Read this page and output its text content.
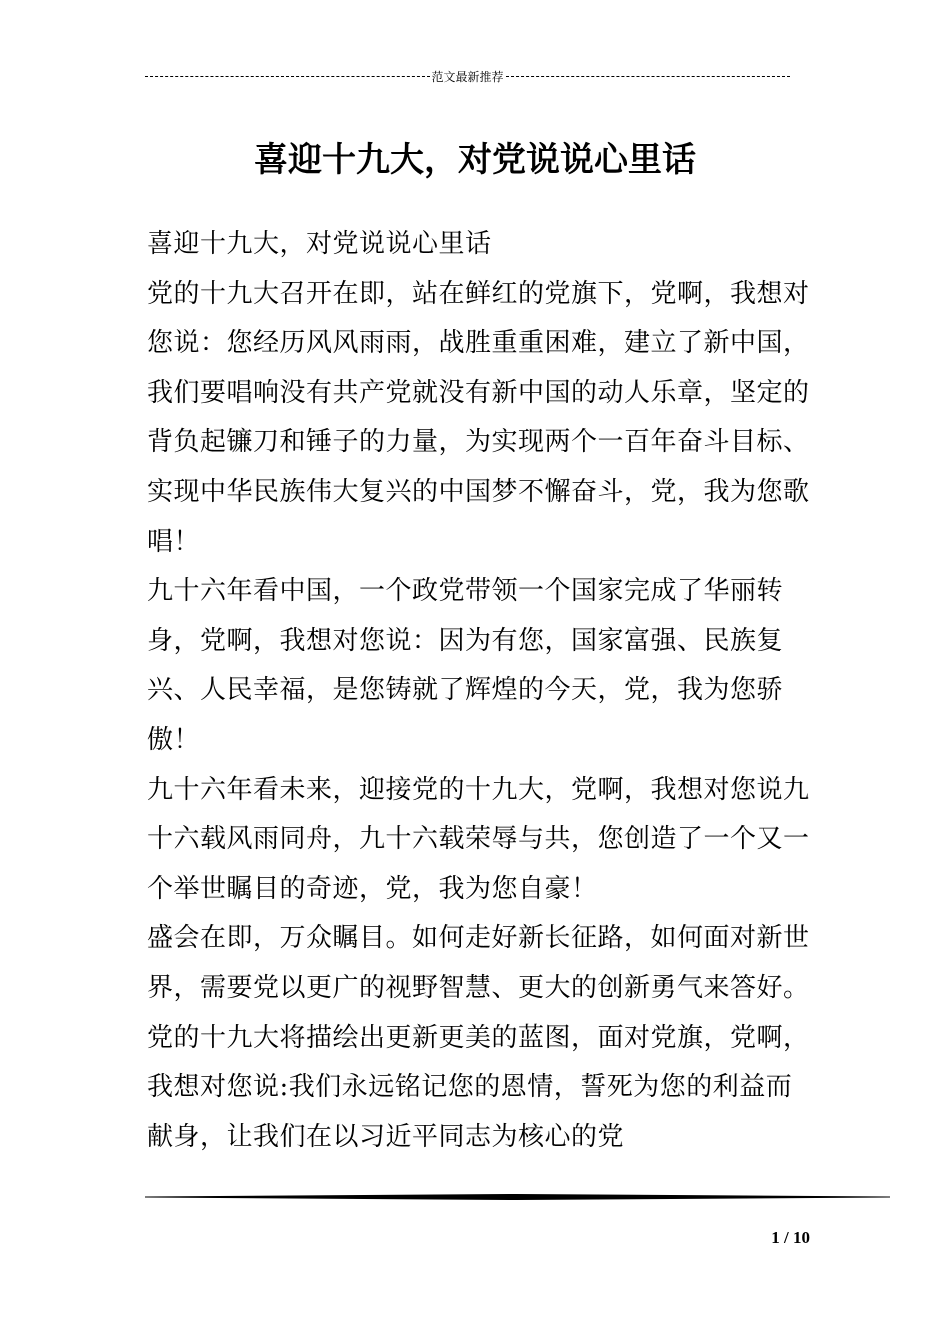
范文最新推荐
喜迎十九大，对党说说心里话

喜迎十九大，对党说说心里话

党的十九大召开在即，站在鲜红的党旗下，党啊，我想对您说：您经历风风雨雨，战胜重重困难，建立了新中国，我们要唱响没有共产党就没有新中国的动人乐章，坚定的背负起镰刀和锤子的力量，为实现两个一百年奋斗目标、实现中华民族伟大复兴的中国梦不懈奋斗，党，我为您歌唱！

九十六年看中国，一个政党带领一个国家完成了华丽转身，党啊，我想对您说：因为有您，国家富强、民族复兴、人民幸福，是您铸就了辉煌的今天，党，我为您骄傲！

九十六年看未来，迎接党的十九大，党啊，我想对您说九十六载风雨同舟，九十六载荣辱与共，您创造了一个又一个举世瞩目的奇迹，党，我为您自豪！

盛会在即，万众瞩目。如何走好新长征路，如何面对新世界，需要党以更广的视野智慧、更大的创新勇气来答好。党的十九大将描绘出更新更美的蓝图，面对党旗，党啊，我想对您说:我们永远铭记您的恩情，誓死为您的利益而献身，让我们在以习近平同志为核心的党

1 / 10
